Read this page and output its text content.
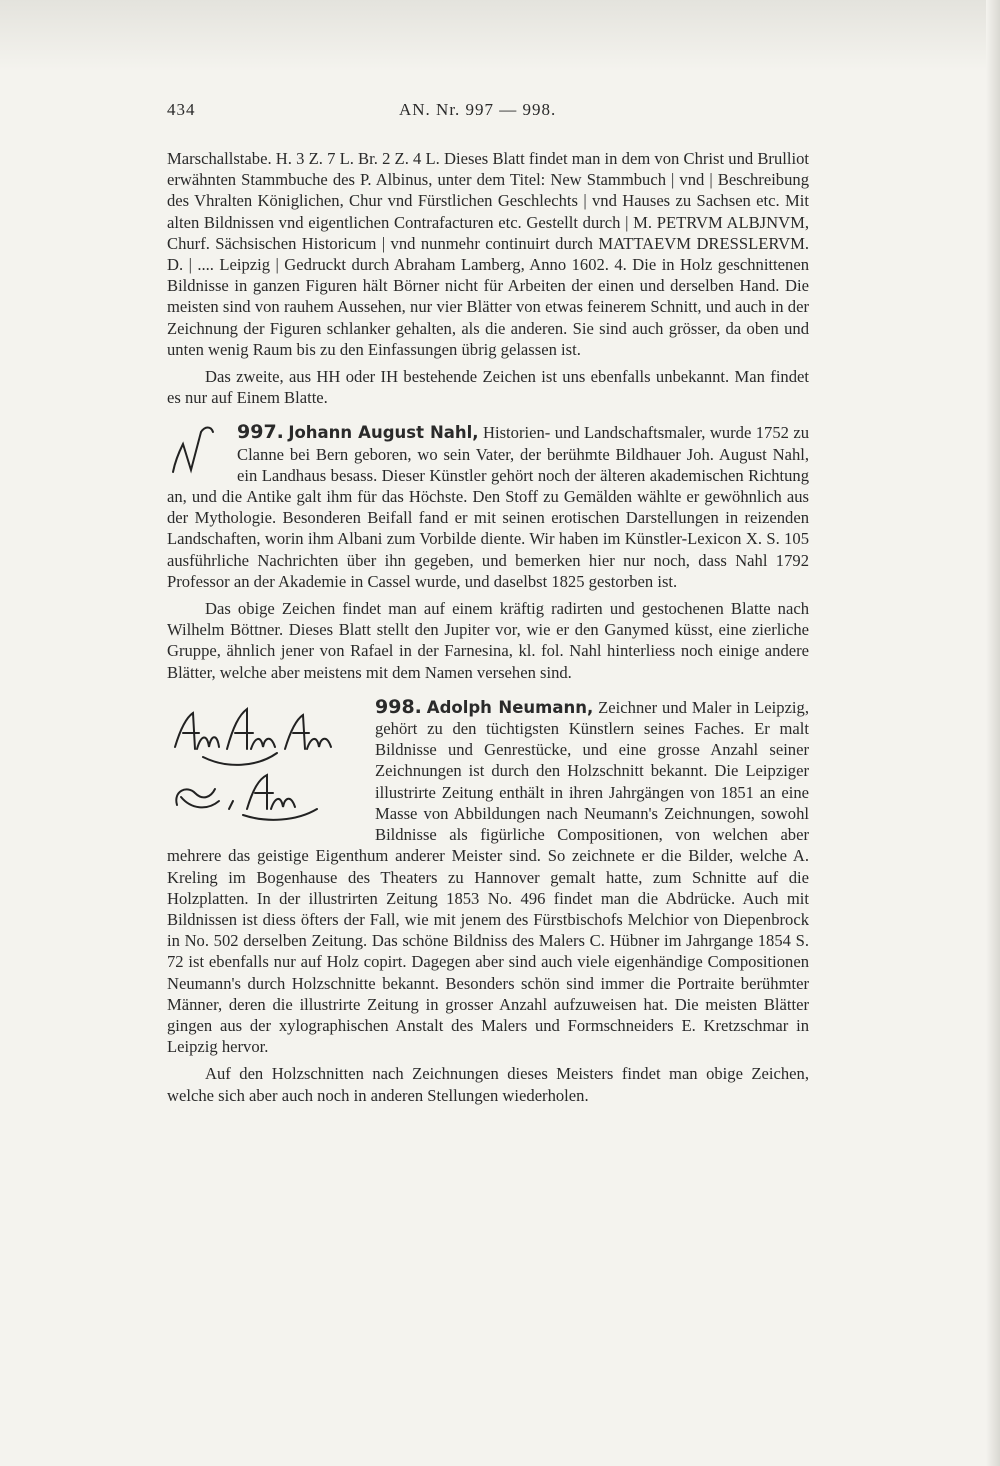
434	AN. Nr. 997 — 998.

Marschallstabe. H. 3 Z. 7 L. Br. 2 Z. 4 L. Dieses Blatt findet man in dem von Christ und Brulliot erwähnten Stammbuche des P. Albinus, unter dem Titel: New Stammbuch | vnd | Beschreibung des Vhralten Königlichen, Chur vnd Fürstlichen Geschlechts | vnd Hauses zu Sachsen etc. Mit alten Bildnissen vnd eigentlichen Contrafacturen etc. Gestellt durch | M. PETRVM ALBJNVM, Churf. Sächsischen Historicum | vnd nunmehr continuirt durch MATTAEVM DRESSLERVM. D. | .... Leipzig | Gedruckt durch Abraham Lamberg, Anno 1602. 4. Die in Holz geschnittenen Bildnisse in ganzen Figuren hält Börner nicht für Arbeiten der einen und derselben Hand. Die meisten sind von rauhem Aussehen, nur vier Blätter von etwas feinerem Schnitt, und auch in der Zeichnung der Figuren schlanker gehalten, als die anderen. Sie sind auch grösser, da oben und unten wenig Raum bis zu den Einfassungen übrig gelassen ist.

Das zweite, aus HH oder IH bestehende Zeichen ist uns ebenfalls unbekannt. Man findet es nur auf Einem Blatte.

997. Johann August Nahl, Historien- und Landschaftsmaler, wurde 1752 zu Clanne bei Bern geboren, wo sein Vater, der berühmte Bildhauer Joh. August Nahl, ein Landhaus besass. Dieser Künstler gehört noch der älteren akademischen Richtung an, und die Antike galt ihm für das Höchste. Den Stoff zu Gemälden wählte er gewöhnlich aus der Mythologie. Besonderen Beifall fand er mit seinen erotischen Darstellungen in reizenden Landschaften, worin ihm Albani zum Vorbilde diente. Wir haben im Künstler-Lexicon X. S. 105 ausführliche Nachrichten über ihn gegeben, und bemerken hier nur noch, dass Nahl 1792 Professor an der Akademie in Cassel wurde, und daselbst 1825 gestorben ist.

Das obige Zeichen findet man auf einem kräftig radirten und gestochenen Blatte nach Wilhelm Böttner. Dieses Blatt stellt den Jupiter vor, wie er den Ganymed küsst, eine zierliche Gruppe, ähnlich jener von Rafael in der Farnesina, kl. fol. Nahl hinterliess noch einige andere Blätter, welche aber meistens mit dem Namen versehen sind.

998. Adolph Neumann, Zeichner und Maler in Leipzig, gehört zu den tüchtigsten Künstlern seines Faches. Er malt Bildnisse und Genrestücke, und eine grosse Anzahl seiner Zeichnungen ist durch den Holzschnitt bekannt. Die Leipziger illustrirte Zeitung enthält in ihren Jahrgängen von 1851 an eine Masse von Abbildungen nach Neumann's Zeichnungen, sowohl Bildnisse als figürliche Compositionen, von welchen aber mehrere das geistige Eigenthum anderer Meister sind. So zeichnete er die Bilder, welche A. Kreling im Bogenhause des Theaters zu Hannover gemalt hatte, zum Schnitte auf die Holzplatten. In der illustrirten Zeitung 1853 No. 496 findet man die Abdrücke. Auch mit Bildnissen ist diess öfters der Fall, wie mit jenem des Fürstbischofs Melchior von Diepenbrock in No. 502 derselben Zeitung. Das schöne Bildniss des Malers C. Hübner im Jahrgange 1854 S. 72 ist ebenfalls nur auf Holz copirt. Dagegen aber sind auch viele eigenhändige Compositionen Neumann's durch Holzschnitte bekannt. Besonders schön sind immer die Portraite berühmter Männer, deren die illustrirte Zeitung in grosser Anzahl aufzuweisen hat. Die meisten Blätter gingen aus der xylographischen Anstalt des Malers und Formschneiders E. Kretzschmar in Leipzig hervor.

Auf den Holzschnitten nach Zeichnungen dieses Meisters findet man obige Zeichen, welche sich aber auch noch in anderen Stellungen wiederholen.
